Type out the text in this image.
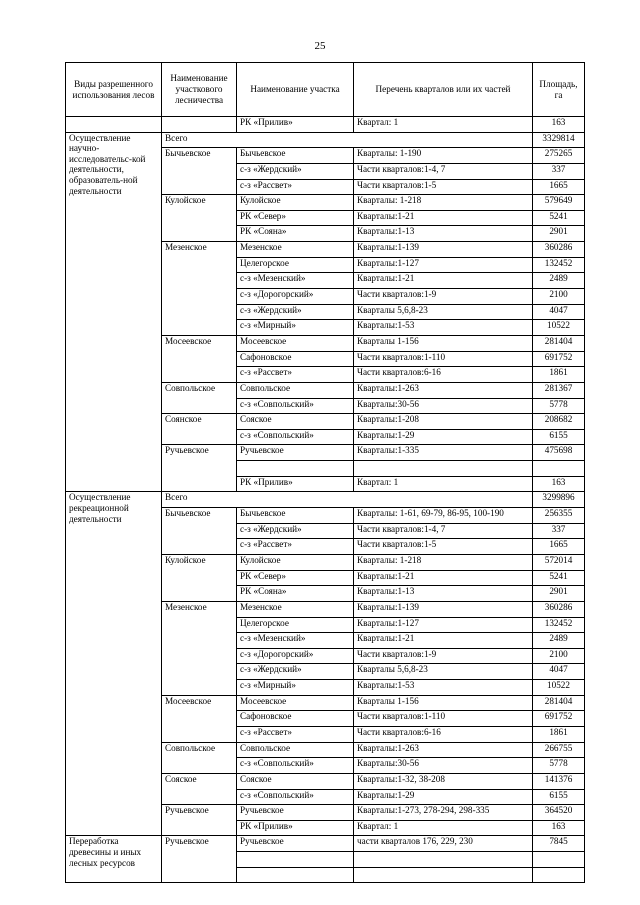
25
Виды разрешенного использования лесов	Наименование участкового лесничества	Наименование участка	Перечень кварталов или их частей	Площадь, га
		РК «Прилив»	Квартал: 1	163
Осуществление научно-исследовательс-кой деятельности, образователь-ной деятельности	Всего			3329814
	Бычьевское	Бычьевское	Кварталы: 1-190	275265
		с-з «Жердский»	Части кварталов:1-4, 7	337
		с-з «Рассвет»	Части кварталов:1-5	1665
	Кулойское	Кулойское	Кварталы: 1-218	579649
		РК «Север»	Кварталы:1-21	5241
		РК «Сояна»	Кварталы:1-13	2901
	Мезенское	Мезенское	Кварталы:1-139	360286
		Целегорское	Кварталы:1-127	132452
		с-з «Мезенский»	Кварталы:1-21	2489
		с-з «Дорогорский»	Части кварталов:1-9	2100
		с-з «Жердский»	Кварталы 5,6,8-23	4047
		с-з «Мирный»	Кварталы:1-53	10522
	Мосеевское	Мосеевское	Кварталы 1-156	281404
		Сафоновское	Части кварталов:1-110	691752
		с-з «Рассвет»	Части кварталов:6-16	1861
	Совпольское	Совпольское	Кварталы:1-263	281367
		с-з «Совпольский»	Кварталы:30-56	5778
	Соянское	Сояское	Кварталы:1-208	208682
		с-з «Совпольский»	Кварталы:1-29	6155
	Ручьевское	Ручьевское	Кварталы:1-335	475698

		РК «Прилив»	Квартал: 1	163
Осуществление рекреационной деятельности	Всего			3299896
	Бычьевское	Бычьевское	Кварталы: 1-61, 69-79, 86-95, 100-190	256355
		с-з «Жердский»	Части кварталов:1-4, 7	337
		с-з «Рассвет»	Части кварталов:1-5	1665
	Кулойское	Кулойское	Кварталы: 1-218	572014
		РК «Север»	Кварталы:1-21	5241
		РК «Сояна»	Кварталы:1-13	2901
	Мезенское	Мезенское	Кварталы:1-139	360286
		Целегорское	Кварталы:1-127	132452
		с-з «Мезенский»	Кварталы:1-21	2489
		с-з «Дорогорский»	Части кварталов:1-9	2100
		с-з «Жердский»	Кварталы 5,6,8-23	4047
		с-з «Мирный»	Кварталы:1-53	10522
	Мосеевское	Мосеевское	Кварталы 1-156	281404
		Сафоновское	Части кварталов:1-110	691752
		с-з «Рассвет»	Части кварталов:6-16	1861
	Совпольское	Совпольское	Кварталы:1-263	266755
		с-з «Совпольский»	Кварталы:30-56	5778
	Сояское	Сояское	Кварталы:1-32, 38-208	141376
		с-з «Совпольский»	Кварталы:1-29	6155
	Ручьевское	Ручьевское	Кварталы:1-273, 278-294, 298-335	364520
		РК «Прилив»	Квартал: 1	163
Переработка древесины и иных лесных ресурсов	Ручьевское	Ручьевское	части кварталов 176, 229, 230	7845
